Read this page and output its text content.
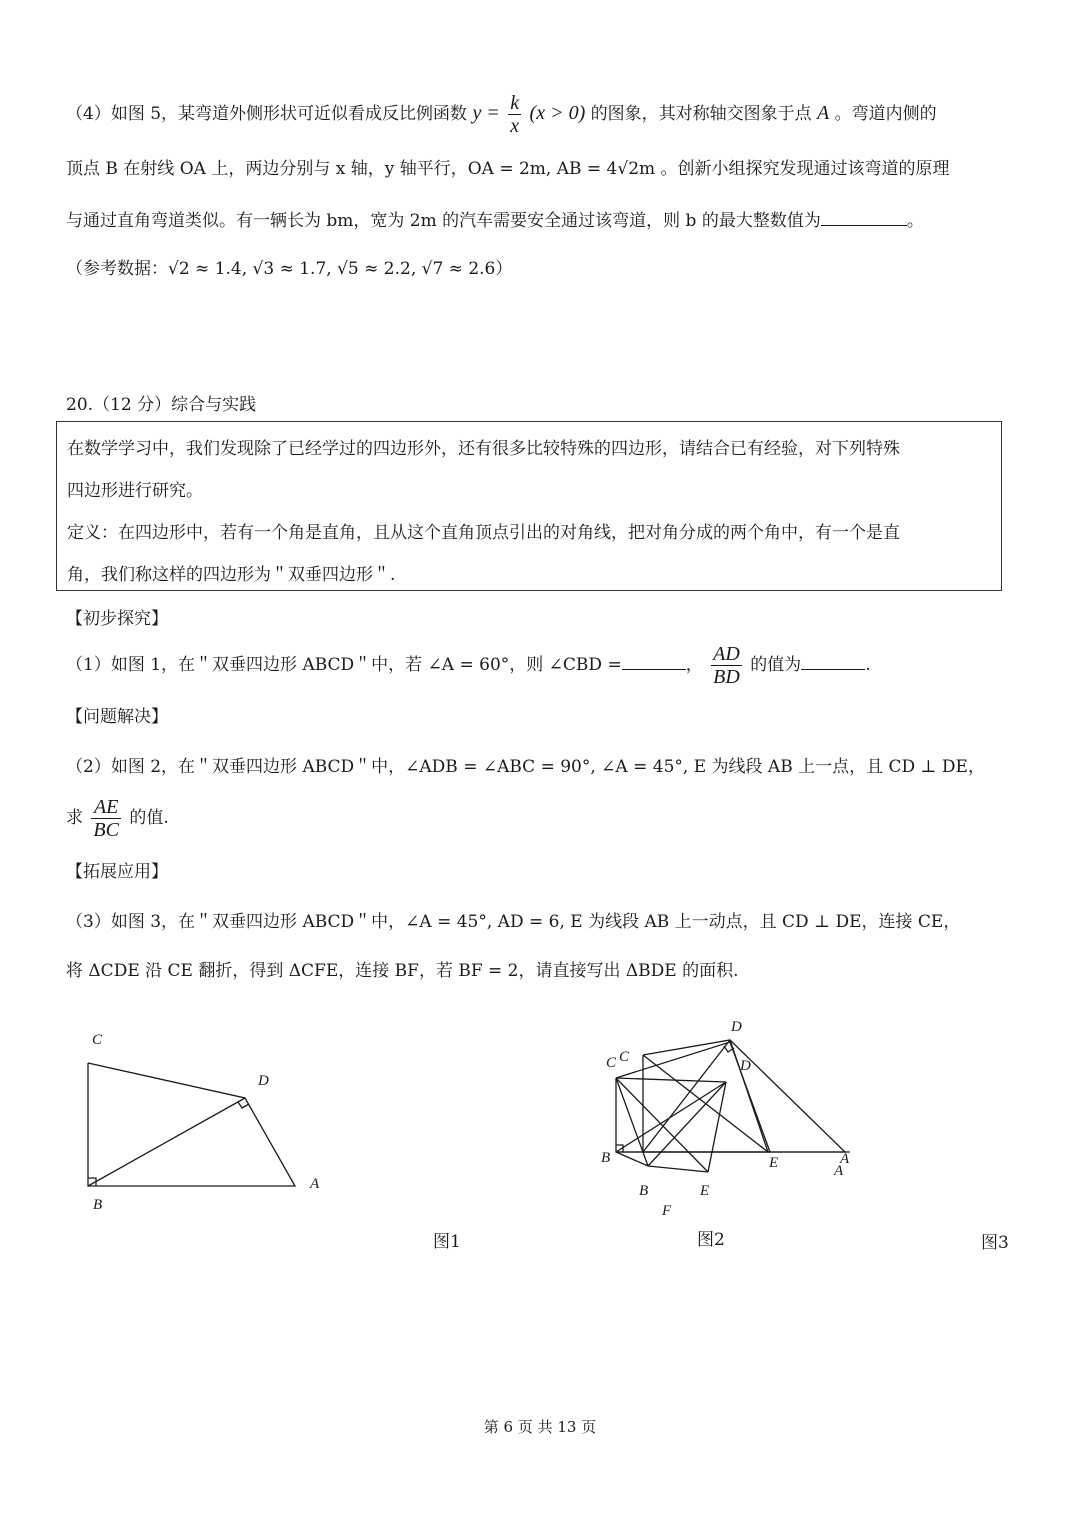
（4）如图 5，某弯道外侧形状可近似看成反比例函数 $y = \frac{k}{x} (x > 0)$ 的图象，其对称轴交图象于点 A 。弯道内侧的
顶点 B 在射线 OA 上，两边分别与 x 轴，y 轴平行，OA = 2m, AB = 4√2m 。创新小组探究发现通过该弯道的原理
与通过直角弯道类似。有一辆长为 bm，宽为 2m 的汽车需要安全通过该弯道，则 b 的最大整数值为	。
（参考数据：√2 ≈ 1.4, √3 ≈ 1.7, √5 ≈ 2.2, √7 ≈ 2.6）
20.（12 分）综合与实践
在数学学习中，我们发现除了已经学过的四边形外，还有很多比较特殊的四边形，请结合已有经验，对下列特殊
四边形进行研究。
定义：在四边形中，若有一个角是直角，且从这个直角顶点引出的对角线，把对角分成的两个角中，有一个是直
角，我们称这样的四边形为＂双垂四边形＂.
【初步探究】
（1）如图 1，在＂双垂四边形 ABCD＂中，若 ∠A = 60°，则 ∠CBD =	， $\frac{AD}{BD}$ 的值为	.
【问题解决】
（2）如图 2，在＂双垂四边形 ABCD＂中，∠ADB = ∠ABC = 90°, ∠A = 45°, E 为线段 AB 上一点，且 CD ⊥ DE，
求 $\frac{AE}{BC}$ 的值.
【拓展应用】
（3）如图 3，在＂双垂四边形 ABCD＂中，∠A = 45°, AD = 6, E 为线段 AB 上一动点，且 CD ⊥ DE，连接 CE，
将 ΔCDE 沿 CE 翻折，得到 ΔCFE，连接 BF，若 BF = 2，请直接写出 ΔBDE 的面积.
C
D
B
A
C C
D
D
B
B
E
E
A
A
F
图1	图2	图3
第 6 页 共 13 页
